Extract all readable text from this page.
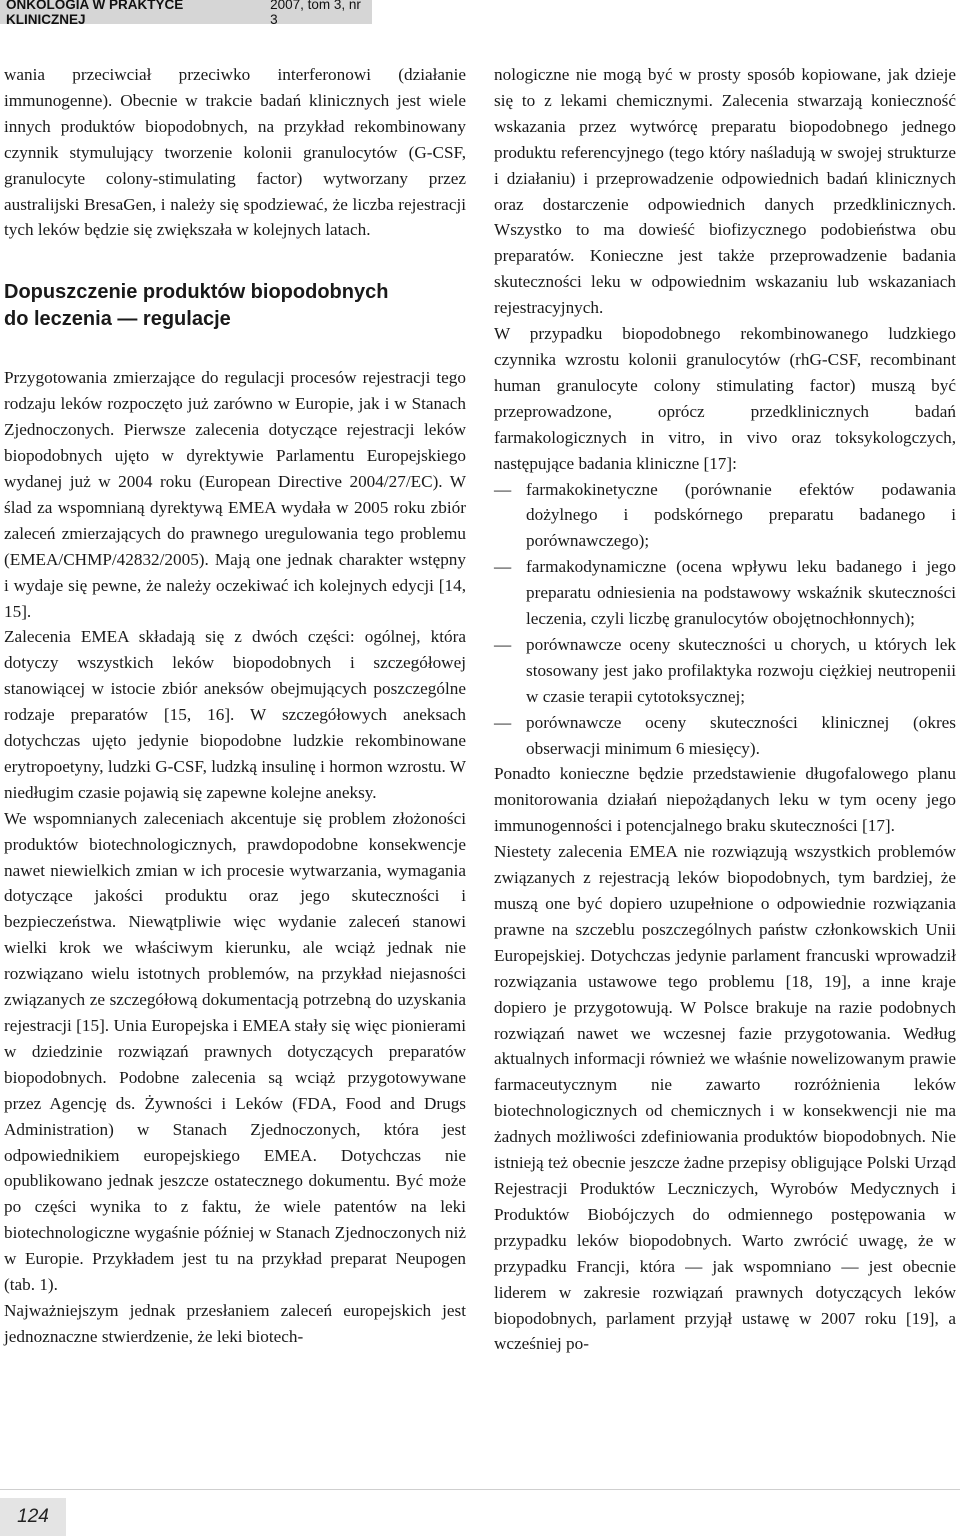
ONKOLOGIA W PRAKTYCE KLINICZNEJ
2007, tom 3, nr 3

wania przeciwciał przeciwko interferonowi (działanie immunogenne). Obecnie w trakcie badań klinicznych jest wiele innych produktów biopodobnych, na przykład rekombinowany czynnik stymulujący tworzenie kolonii granulocytów (G-CSF, granulocyte colony-stimulating factor) wytworzany przez australijski BresaGen, i należy się spodziewać, że liczba rejestracji tych leków będzie się zwiększała w kolejnych latach.

Dopuszczenie produktów biopodobnych
do leczenia — regulacje

Przygotowania zmierzające do regulacji procesów rejestracji tego rodzaju leków rozpoczęto już zarówno w Europie, jak i w Stanach Zjednoczonych. Pierwsze zalecenia dotyczące rejestracji leków biopodobnych ujęto w dyrektywie Parlamentu Europejskiego wydanej już w 2004 roku (European Directive 2004/27/EC). W ślad za wspomnianą dyrektywą EMEA wydała w 2005 roku zbiór zaleceń zmierzających do prawnego uregulowania tego problemu (EMEA/CHMP/42832/2005). Mają one jednak charakter wstępny i wydaje się pewne, że należy oczekiwać ich kolejnych edycji [14, 15].

Zalecenia EMEA składają się z dwóch części: ogólnej, która dotyczy wszystkich leków biopodobnych i szczegółowej stanowiącej w istocie zbiór aneksów obejmujących poszczególne rodzaje preparatów [15, 16]. W szczegółowych aneksach dotychczas ujęto jedynie biopodobne ludzkie rekombinowane erytropoetyny, ludzki G-CSF, ludzką insulinę i hormon wzrostu. W niedługim czasie pojawią się zapewne kolejne aneksy.

We wspomnianych zaleceniach akcentuje się problem złożoności produktów biotechnologicznych, prawdopodobne konsekwencje nawet niewielkich zmian w ich procesie wytwarzania, wymagania dotyczące jakości produktu oraz jego skuteczności i bezpieczeństwa. Niewątpliwie więc wydanie zaleceń stanowi wielki krok we właściwym kierunku, ale wciąż jednak nie rozwiązano wielu istotnych problemów, na przykład niejasności związanych ze szczegółową dokumentacją potrzebną do uzyskania rejestracji [15]. Unia Europejska i EMEA stały się więc pionierami w dziedzinie rozwiązań prawnych dotyczących preparatów biopodobnych. Podobne zalecenia są wciąż przygotowywane przez Agencję ds. Żywności i Leków (FDA, Food and Drugs Administration) w Stanach Zjednoczonych, która jest odpowiednikiem europejskiego EMEA. Dotychczas nie opublikowano jednak jeszcze ostatecznego dokumentu. Być może po części wynika to z faktu, że wiele patentów na leki biotechnologiczne wygaśnie później w Stanach Zjednoczonych niż w Europie. Przykładem jest tu na przykład preparat Neupogen (tab. 1).

Najważniejszym jednak przesłaniem zaleceń europejskich jest jednoznaczne stwierdzenie, że leki biotech-

nologiczne nie mogą być w prosty sposób kopiowane, jak dzieje się to z lekami chemicznymi. Zalecenia stwarzają konieczność wskazania przez wytwórcę preparatu biopodobnego jednego produktu referencyjnego (tego który naśladują w swojej strukturze i działaniu) i przeprowadzenie odpowiednich badań klinicznych oraz dostarczenie odpowiednich danych przedklinicznych. Wszystko to ma dowieść biofizycznego podobieństwa obu preparatów. Konieczne jest także przeprowadzenie badania skuteczności leku w odpowiednim wskazaniu lub wskazaniach rejestracyjnych.

W przypadku biopodobnego rekombinowanego ludzkiego czynnika wzrostu kolonii granulocytów (rhG-CSF, recombinant human granulocyte colony stimulating factor) muszą być przeprowadzone, oprócz przedklinicznych badań farmakologicznych in vitro, in vivo oraz toksykologczych, następujące badania kliniczne [17]:

— farmakokinetyczne (porównanie efektów podawania dożylnego i podskórnego preparatu badanego i porównawczego);
— farmakodynamiczne (ocena wpływu leku badanego i jego preparatu odniesienia na podstawowy wskaźnik skuteczności leczenia, czyli liczbę granulocytów obojętnochłonnych);
— porównawcze oceny skuteczności u chorych, u których lek stosowany jest jako profilaktyka rozwoju ciężkiej neutropenii w czasie terapii cytotoksycznej;
— porównawcze oceny skuteczności klinicznej (okres obserwacji minimum 6 miesięcy).

Ponadto konieczne będzie przedstawienie długofalowego planu monitorowania działań niepożądanych leku w tym oceny jego immunogenności i potencjalnego braku skuteczności [17].

Niestety zalecenia EMEA nie rozwiązują wszystkich problemów związanych z rejestracją leków biopodobnych, tym bardziej, że muszą one być dopiero uzupełnione o odpowiednie rozwiązania prawne na szczeblu poszczególnych państw członkowskich Unii Europejskiej. Dotychczas jedynie parlament francuski wprowadził rozwiązania ustawowe tego problemu [18, 19], a inne kraje dopiero je przygotowują. W Polsce brakuje na razie podobnych rozwiązań nawet we wczesnej fazie przygotowania. Według aktualnych informacji również we właśnie nowelizowanym prawie farmaceutycznym nie zawarto rozróżnienia leków biotechnologicznych od chemicznych i w konsekwencji nie ma żadnych możliwości zdefiniowania produktów biopodobnych. Nie istnieją też obecnie jeszcze żadne przepisy obligujące Polski Urząd Rejestracji Produktów Leczniczych, Wyrobów Medycznych i Produktów Biobójczych do odmiennego postępowania w przypadku leków biopodobnych. Warto zwrócić uwagę, że w przypadku Francji, która — jak wspomniano — jest obecnie liderem w zakresie rozwiązań prawnych dotyczących leków biopodobnych, parlament przyjął ustawę w 2007 roku [19], a wcześniej po-

124
